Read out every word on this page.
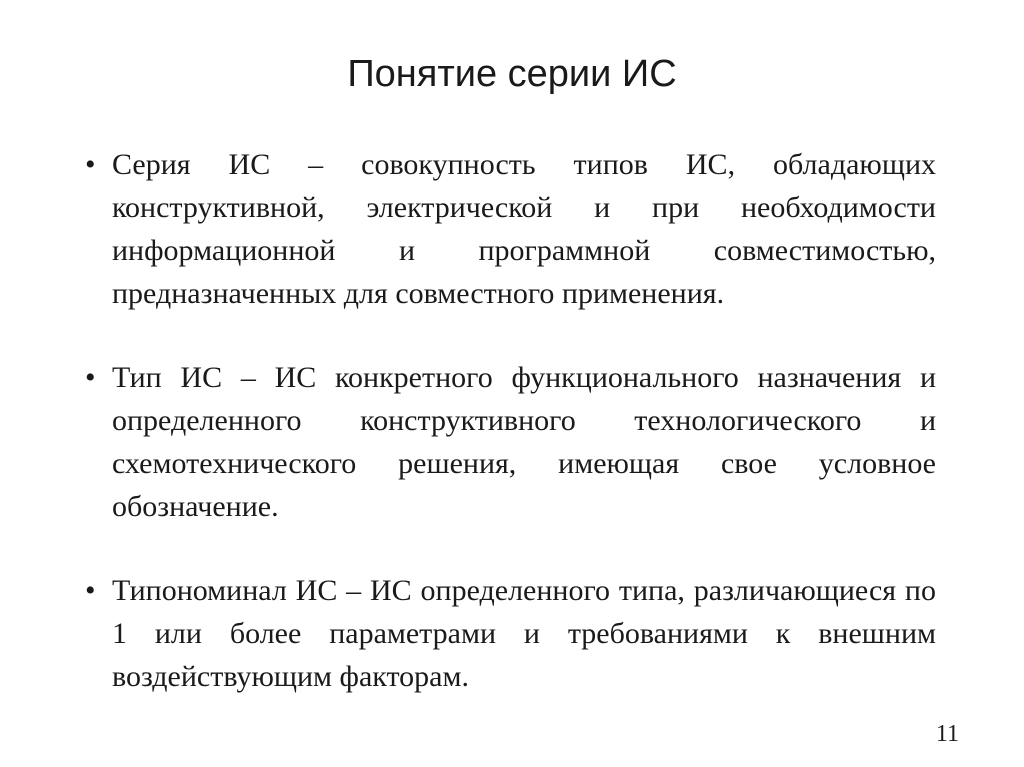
Понятие серии ИС
• Серия ИС – совокупность типов ИС, обладающих конструктивной, электрической и при необходимости информационной и программной совместимостью, предназначенных для совместного применения.
• Тип ИС – ИС конкретного функционального назначения и определенного конструктивного технологического и схемотехнического решения, имеющая свое условное обозначение.
• Типономинал ИС – ИС определенного типа, различающиеся по 1 или более параметрами и требованиями к внешним воздействующим факторам.
11
